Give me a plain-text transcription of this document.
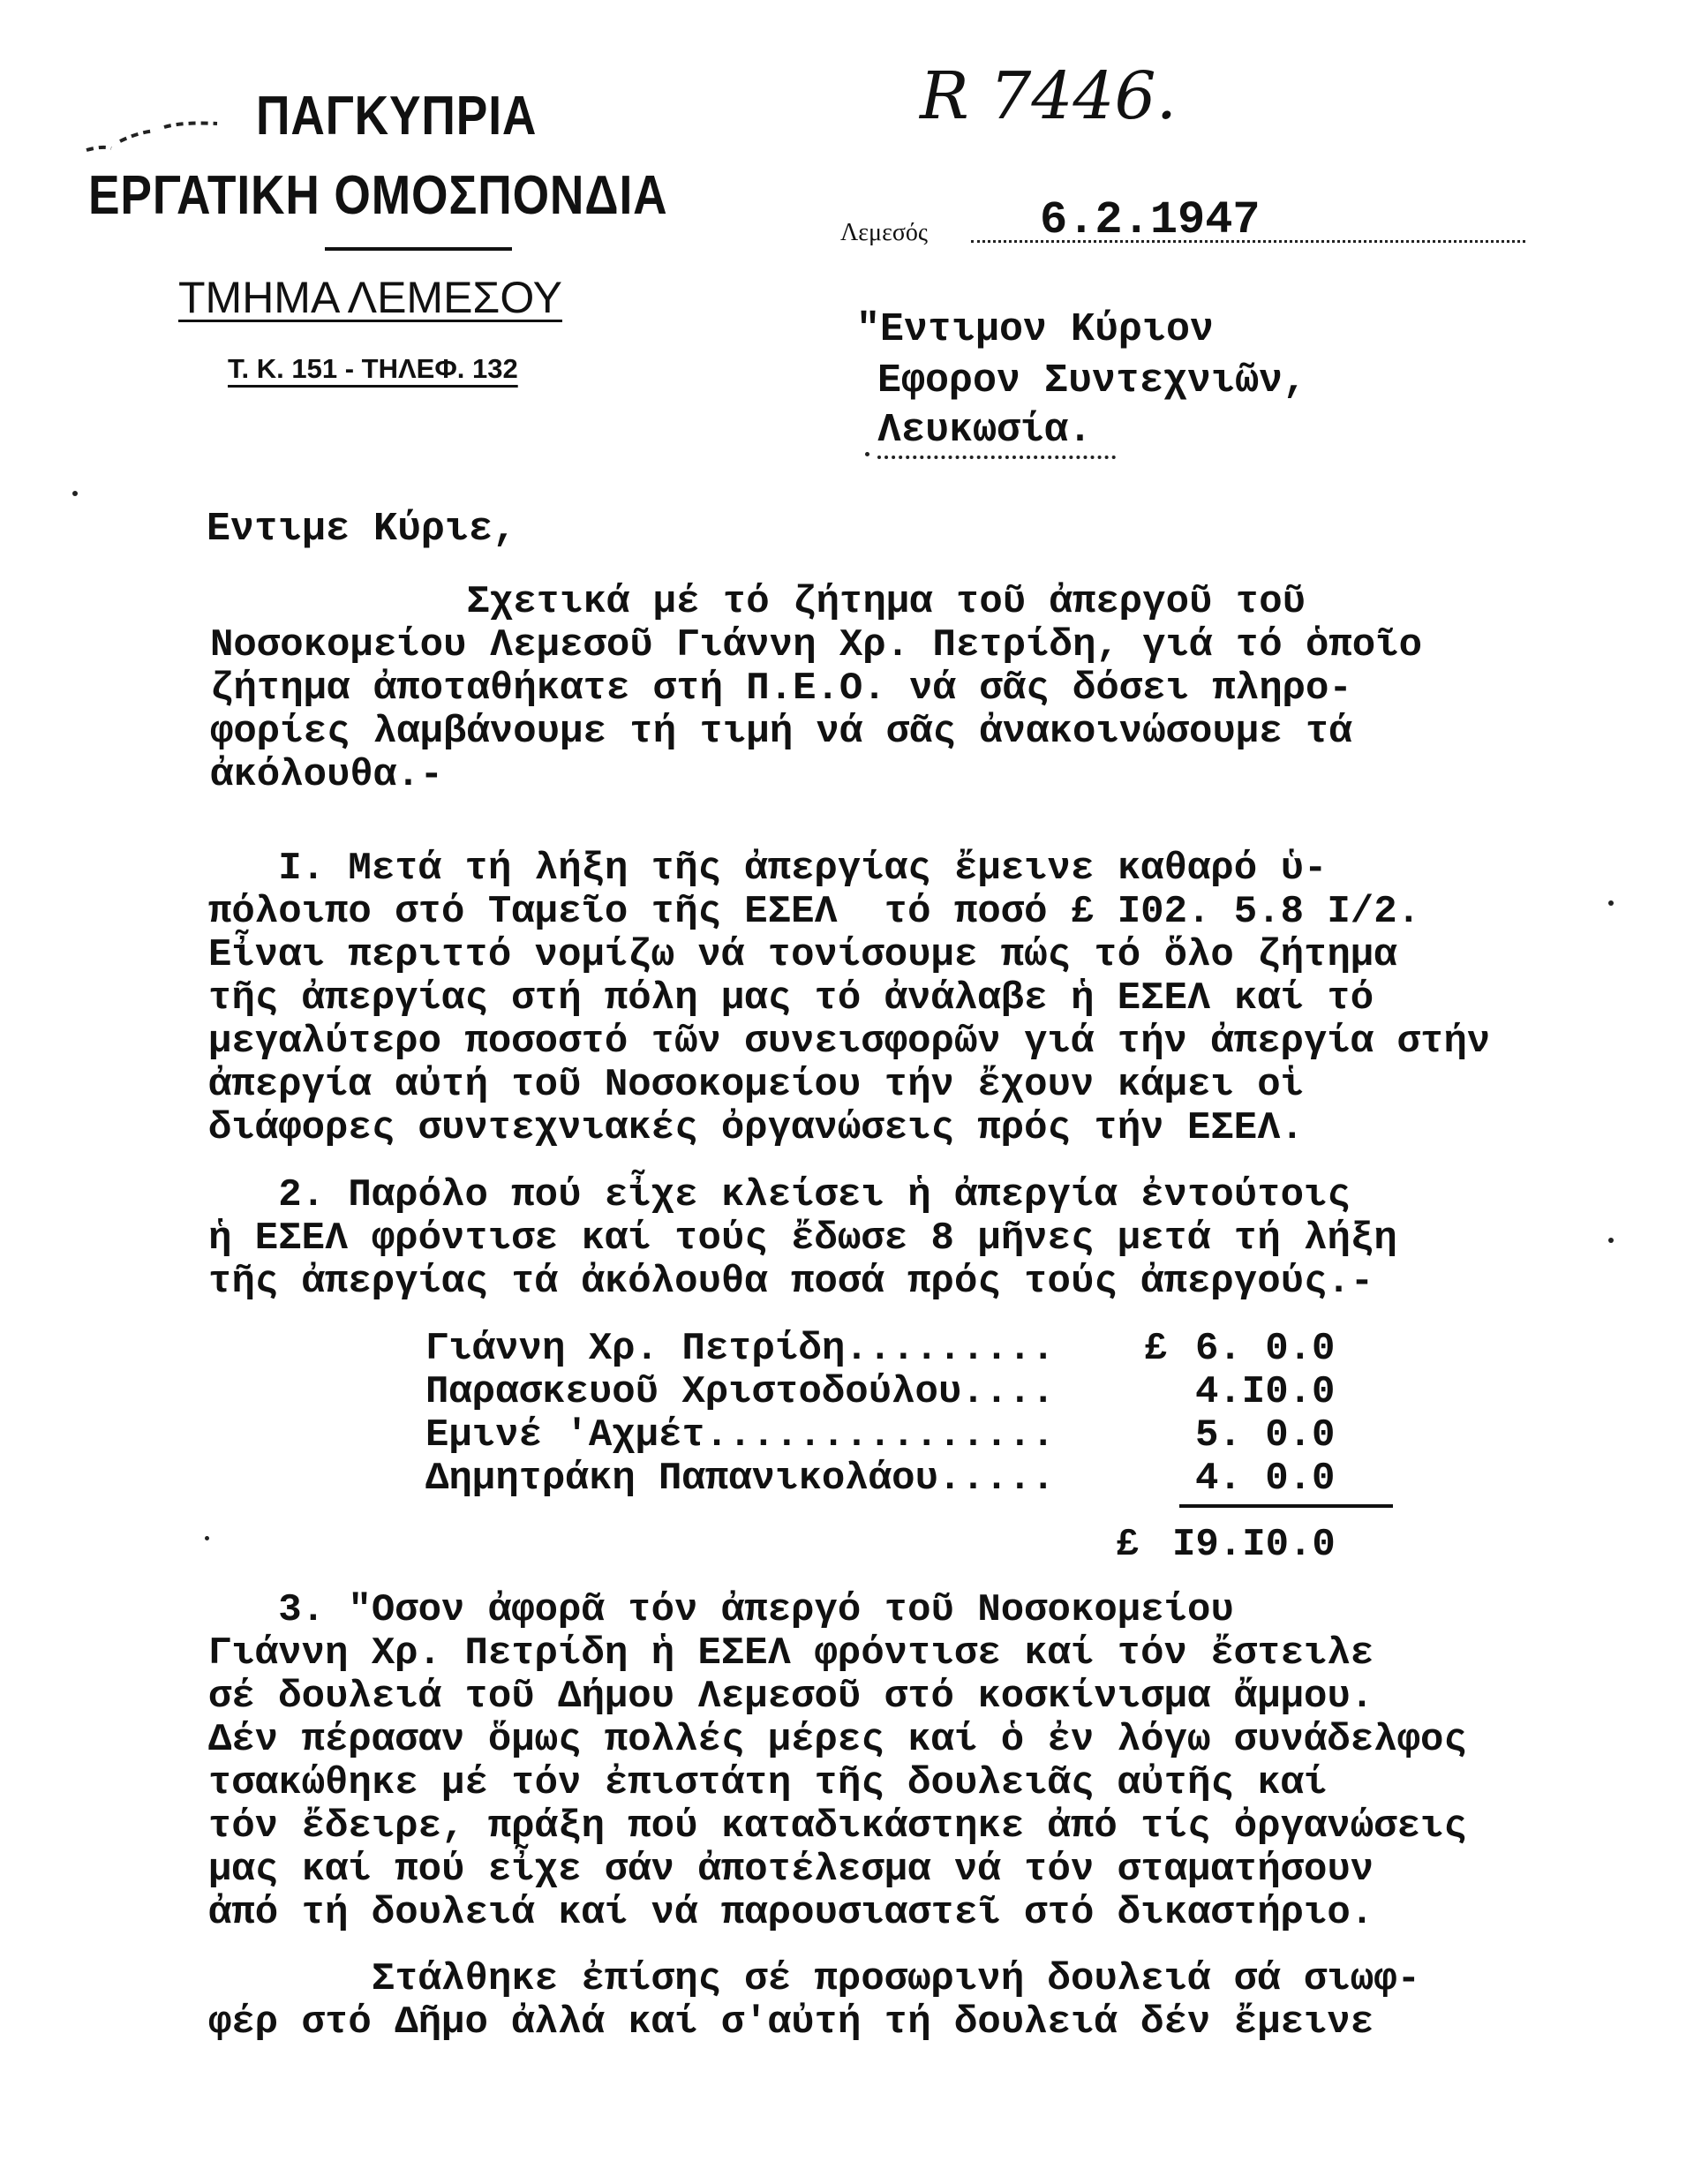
ΠΑΓΚΥΠΡΙΑ
ΕΡΓΑΤΙΚΗ ΟΜΟΣΠΟΝΔΙΑ
ΤΜΗΜΑ ΛΕΜΕΣΟΥ
Τ. Κ. 151 - ΤΗΛΕΦ. 132
R 7446.
Λεμεσός 6.2.1947
"Εντιμον Κύριον
Εφορον Συντεχνιῶν,
Λευκωσία.
Εντιμε Κύριε,
Σχετικά μέ τό ζήτημα τοῦ ἀπεργοῦ τοῦ
Νοσοκομείου Λεμεσοῦ Γιάννη Χρ. Πετρίδη, γιά τό ὁποῖο
ζήτημα ἀποταθήκατε στή Π.Ε.Ο. νά σᾶς δόσει πληρο-
φορίες λαμβάνουμε τή τιμή νά σᾶς ἀνακοινώσουμε τά
ἀκόλουθα.-
I. Μετά τή λήξη τῆς ἀπεργίας ἔμεινε καθαρό ὑ-
πόλοιπο στό Ταμεῖο τῆς ΕΣΕΛ  τό ποσό £ I02. 5.8 I/2.
Εἶναι περιττό νομίζω νά τονίσουμε πώς τό ὅλο ζήτημα
τῆς ἀπεργίας στή πόλη μας τό ἀνάλαβε ἡ ΕΣΕΛ καί τό
μεγαλύτερο ποσοστό τῶν συνεισφορῶν γιά τήν ἀπεργία στήν
ἀπεργία αὐτή τοῦ Νοσοκομείου τήν ἔχουν κάμει οἱ
διάφορες συντεχνιακές ὀργανώσεις πρός τήν ΕΣΕΛ.
2. Παρόλο πού εἶχε κλείσει ἡ ἀπεργία ἐντούτοις
ἡ ΕΣΕΛ φρόντισε καί τούς ἔδωσε 8 μῆνες μετά τή λήξη
τῆς ἀπεργίας τά ἀκόλουθα ποσά πρός τούς ἀπεργούς.-
Γιάννη Χρ. Πετρίδη......... £ 6. 0.0
Παρασκευοῦ Χριστοδούλου....	4.I0.0
Εμινέ 'Αχμέτ...............	5. 0.0
Δημητράκη Παπανικολάου.....	4. 0.0
£ I9.I0.0
3. "Οσον ἀφορᾶ τόν ἀπεργό τοῦ Νοσοκομείου
Γιάννη Χρ. Πετρίδη ἡ ΕΣΕΛ φρόντισε καί τόν ἔστειλε
σέ δουλειά τοῦ Δήμου Λεμεσοῦ στό κοσκίνισμα ἄμμου.
Δέν πέρασαν ὅμως πολλές μέρες καί ὁ ἐν λόγω συνάδελφος
τσακώθηκε μέ τόν ἐπιστάτη τῆς δουλειᾶς αὐτῆς καί
τόν ἔδειρε, πράξη πού καταδικάστηκε ἀπό τίς ὀργανώσεις
μας καί πού εἶχε σάν ἀποτέλεσμα νά τόν σταματήσουν
ἀπό τή δουλειά καί νά παρουσιαστεῖ στό δικαστήριο.
Στάλθηκε ἐπίσης σέ προσωρινή δουλειά σά σιωφ-
φέρ στό Δῆμο ἀλλά καί σ'αὐτή τή δουλειά δέν ἔμεινε
